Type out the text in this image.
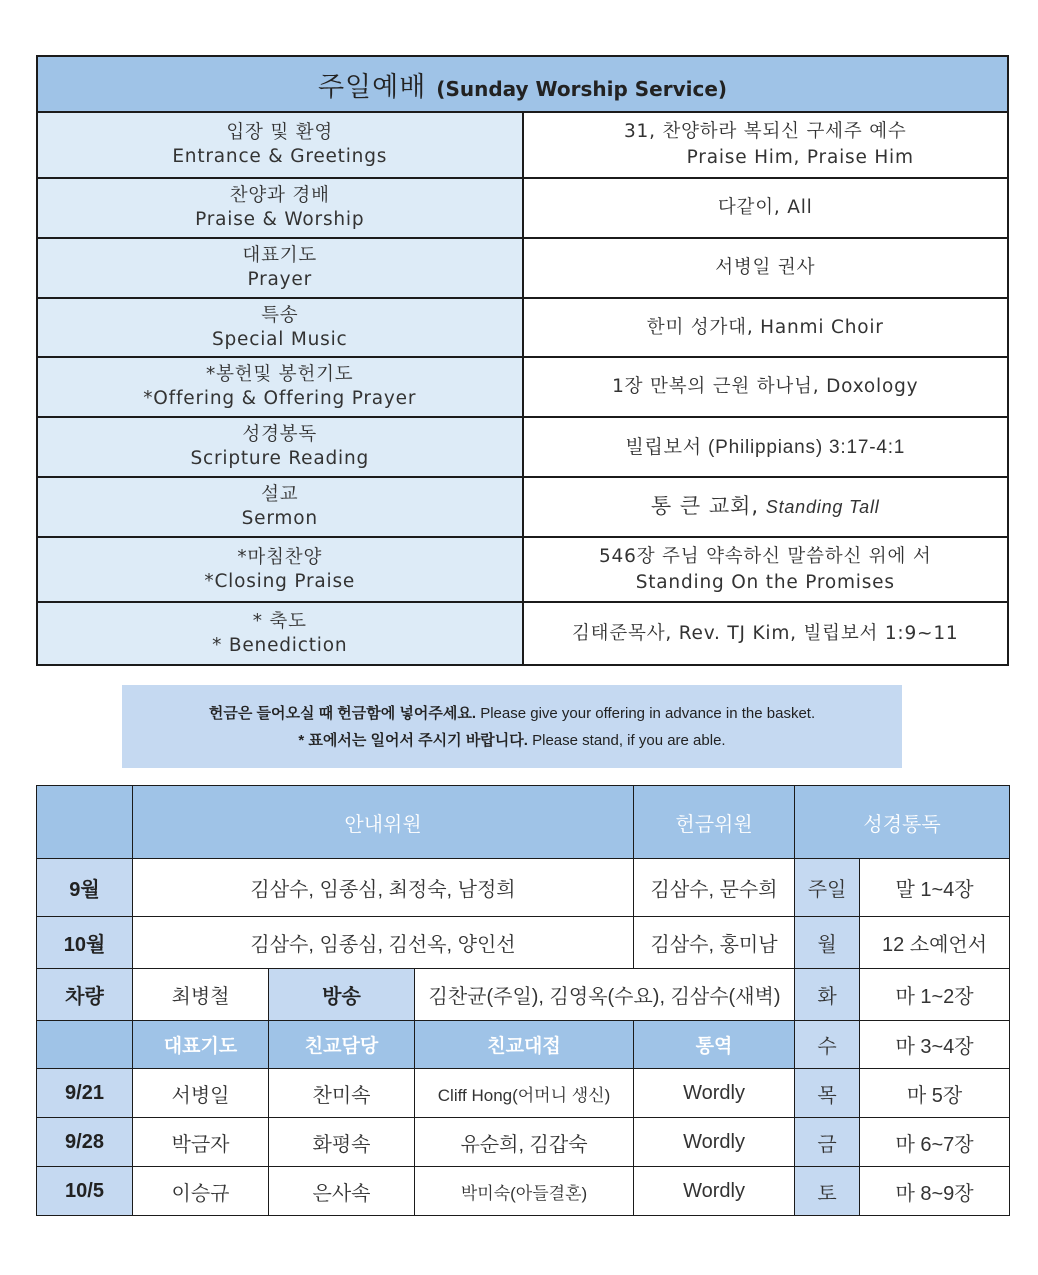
주일예배 (Sunday Worship Service)	
입장 및 환영
Entrance & Greetings	31, 찬양하라 복되신 구세주 예수
Praise Him, Praise Him
찬양과 경배
Praise & Worship	다같이, All
대표기도
Prayer	서병일 권사
특송
Special Music	한미 성가대, Hanmi Choir
*봉헌및 봉헌기도
*Offering & Offering Prayer	1장 만복의 근원 하나님, Doxology
성경봉독
Scripture Reading	빌립보서 (Philippians) 3:17-4:1
설교
Sermon	통 큰 교회, Standing Tall
*마침찬양
*Closing Praise	546장 주님 약속하신 말씀하신 위에 서
Standing On the Promises
* 축도
* Benediction	김태준목사, Rev. TJ Kim, 빌립보서 1:9~11
헌금은 들어오실 때 헌금함에 넣어주세요. Please give your offering in advance in the basket.
* 표에서는 일어서 주시기 바랍니다. Please stand, if you are able.
	안내위원			헌금위원	성경통독	
9월	김삼수, 임종심, 최정숙, 남정희			김삼수, 문수희	주일	말 1~4장
10월	김삼수, 임종심, 김선옥, 양인선			김삼수, 홍미남	월	12 소예언서
차량	최병철	방송	김찬균(주일), 김영옥(수요), 김삼수(새벽)		화	마 1~2장
	대표기도	친교담당	친교대접	통역	수	마 3~4장
9/21	서병일	찬미속	Cliff Hong(어머니 생신)	Wordly	목	마 5장
9/28	박금자	화평속	유순희, 김갑숙	Wordly	금	마 6~7장
10/5	이승규	은사속	박미숙(아들결혼)	Wordly	토	마 8~9장
